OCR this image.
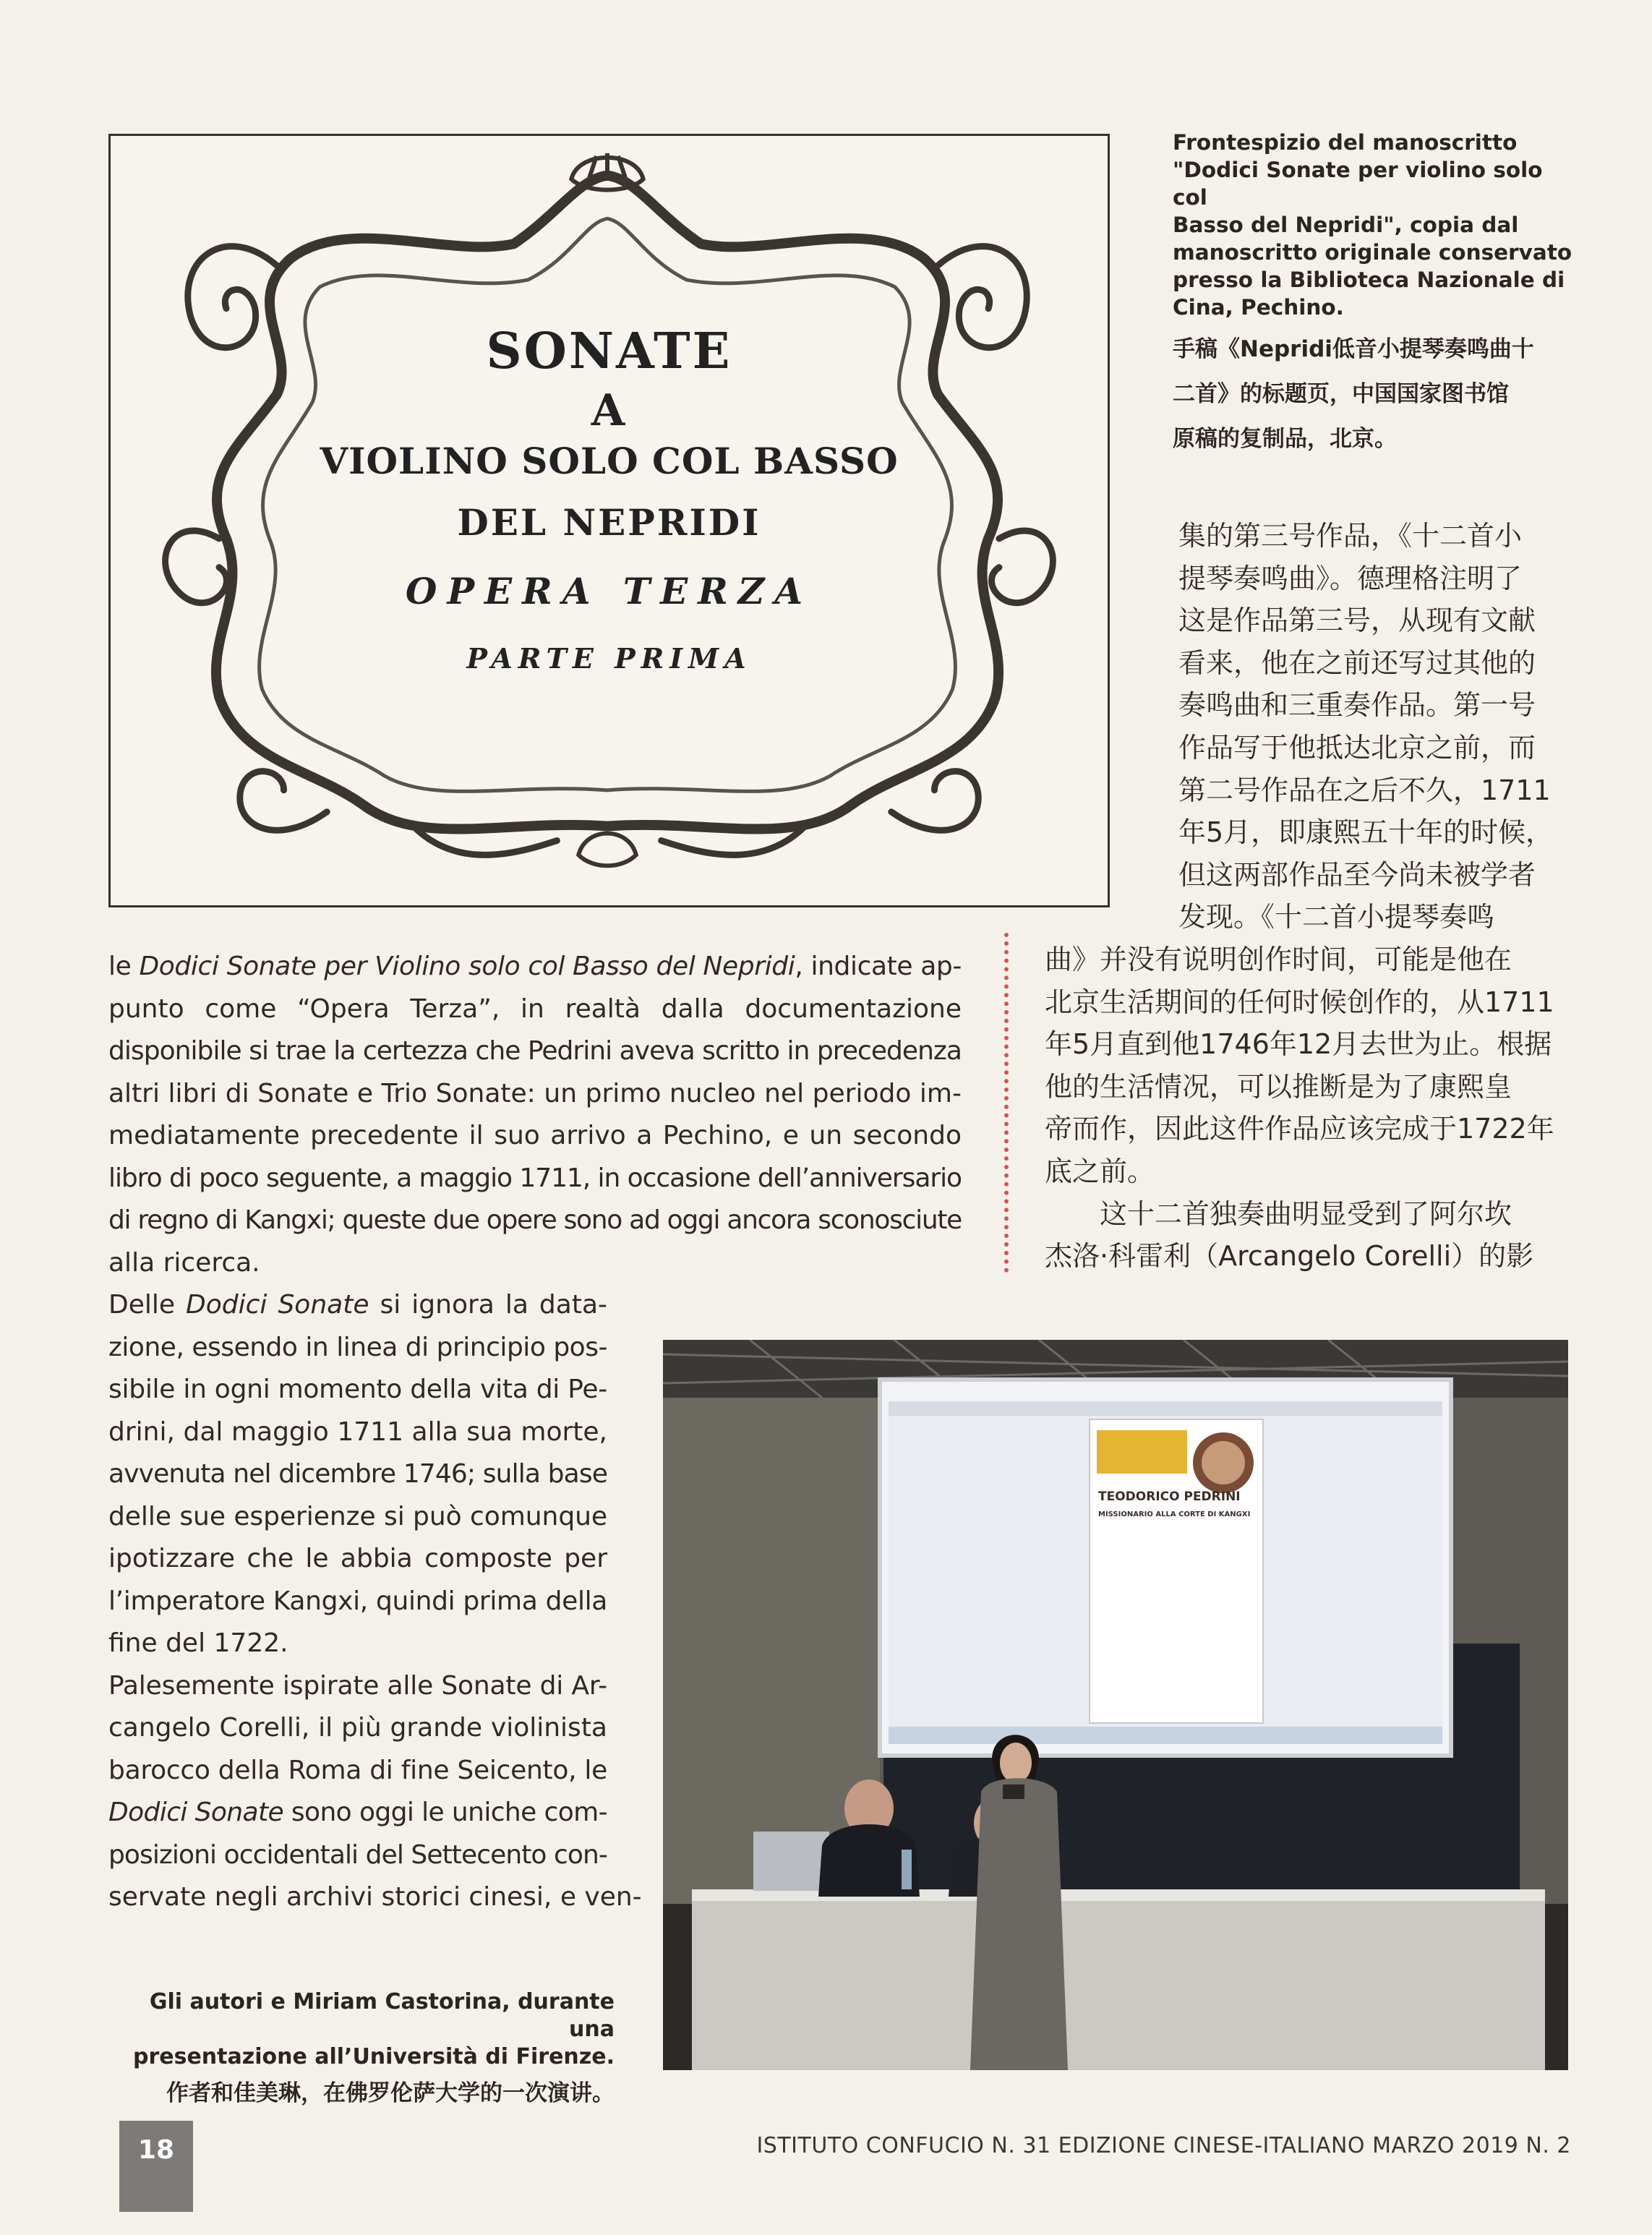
SONATE
A
VIOLINO SOLO COL BASSO
DEL NEPRIDI
OPERA TERZA
PARTE PRIMA
Frontespizio del manoscritto
"Dodici Sonate per violino solo col
Basso del Nepridi", copia dal
manoscritto originale conservato
presso la Biblioteca Nazionale di
Cina, Pechino.
手稿《Nepridi低音小提琴奏鸣曲十
二首》的标题页，中国国家图书馆
原稿的复制品，北京。

集的第三号作品，《十二首小

提琴奏鸣曲》。德理格注明了

这是作品第三号，从现有文献

看来，他在之前还写过其他的

奏鸣曲和三重奏作品。第一号

作品写于他抵达北京之前，而

第二号作品在之后不久，1711

年5月，即康熙五十年的时候，

但这两部作品至今尚未被学者

发现。《十二首小提琴奏鸣

曲》并没有说明创作时间，可能是他在

北京生活期间的任何时候创作的，从1711

年5月直到他1746年12月去世为止。根据

他的生活情况，可以推断是为了康熙皇

帝而作，因此这件作品应该完成于1722年

底之前。

这十二首独奏曲明显受到了阿尔坎

杰洛·科雷利（Arcangelo Corelli）的影

le Dodici Sonate per Violino solo col Basso del Nepridi, indicate ap-
punto come “Opera Terza”, in realtà dalla documentazione
disponibile si trae la certezza che Pedrini aveva scritto in precedenza
altri libri di Sonate e Trio Sonate: un primo nucleo nel periodo im-
mediatamente precedente il suo arrivo a Pechino, e un secondo
libro di poco seguente, a maggio 1711, in occasione dell’anniversario
di regno di Kangxi; queste due opere sono ad oggi ancora sconosciute
alla ricerca.
Delle Dodici Sonate si ignora la data-
zione, essendo in linea di principio pos-
sibile in ogni momento della vita di Pe-
drini, dal maggio 1711 alla sua morte,
avvenuta nel dicembre 1746; sulla base
delle sue esperienze si può comunque
ipotizzare che le abbia composte per
l’imperatore Kangxi, quindi prima della
fine del 1722.
Palesemente ispirate alle Sonate di Ar-
cangelo Corelli, il più grande violinista
barocco della Roma di fine Seicento, le
Dodici Sonate sono oggi le uniche com-
posizioni occidentali del Settecento con-
servate negli archivi storici cinesi, e ven-
TEODORICO PEDRINI
MISSIONARIO ALLA CORTE DI KANGXI
Gli autori e Miriam Castorina, durante una
presentazione all’Università di Firenze.
作者和佳美琳，在佛罗伦萨大学的一次演讲。
18	ISTITUTO CONFUCIO N. 31 EDIZIONE CINESE-ITALIANO MARZO 2019 N. 2
